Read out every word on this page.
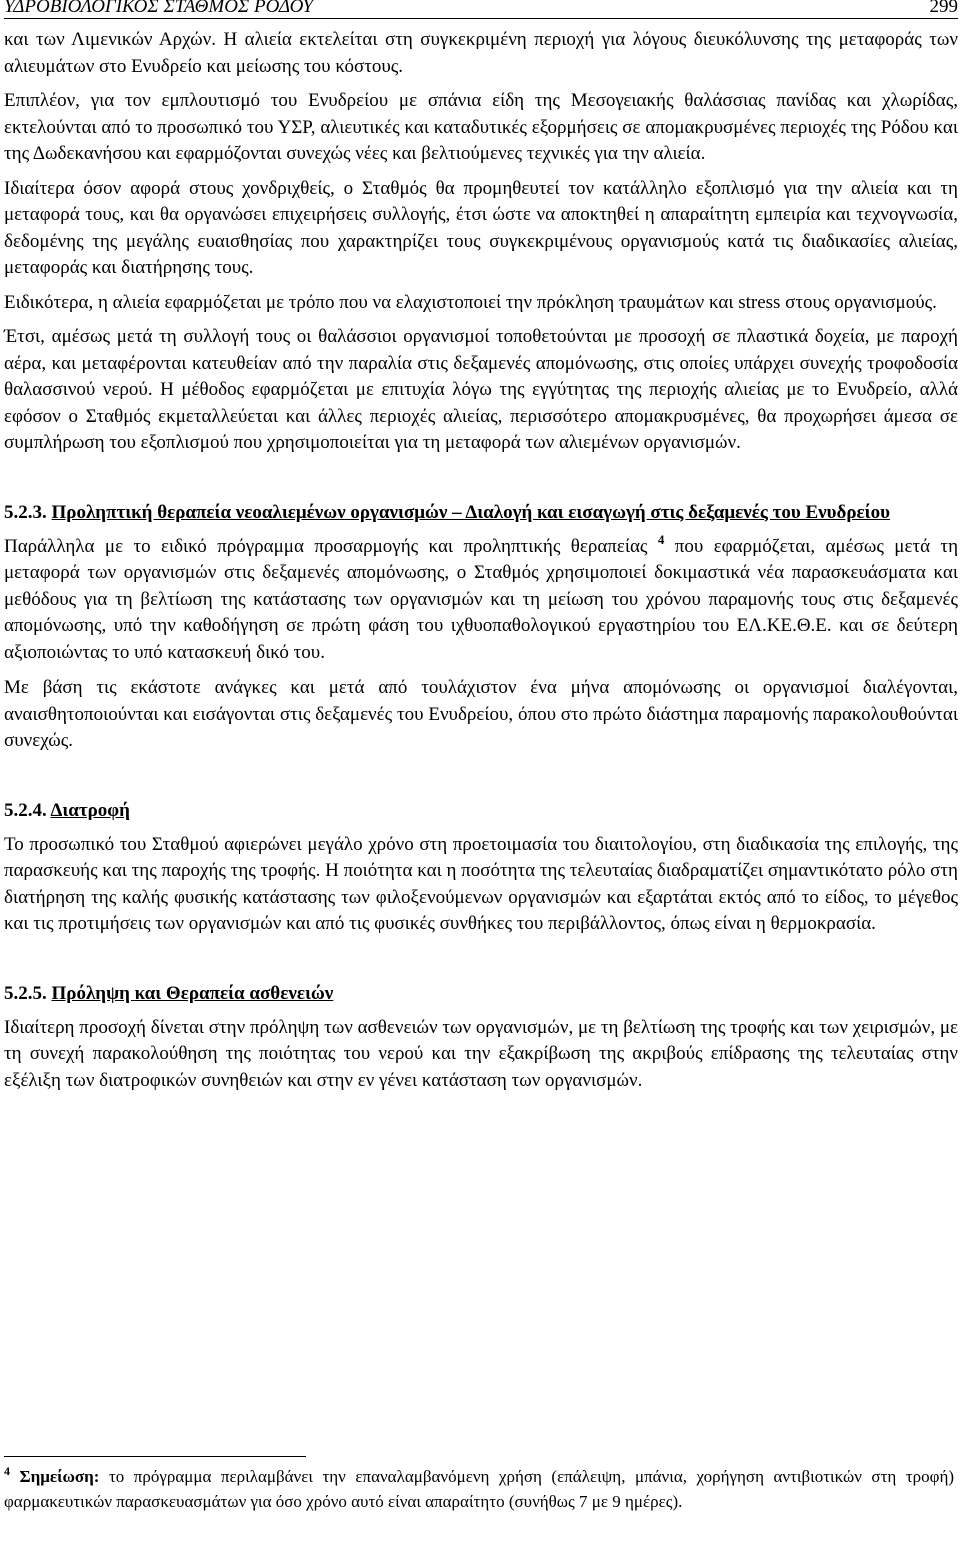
ΥΔΡΟΒΙΟΛΟΓΙΚΟΣ ΣΤΑΘΜΟΣ ΡΟΔΟΥ	299

και των Λιμενικών Αρχών. Η αλιεία εκτελείται στη συγκεκριμένη περιοχή για λόγους διευκόλυνσης της μεταφοράς των αλιευμάτων στο Ενυδρείο και μείωσης του κόστους.

Επιπλέον, για τον εμπλουτισμό του Ενυδρείου με σπάνια είδη της Μεσογειακής θαλάσσιας πανίδας και χλωρίδας, εκτελούνται από το προσωπικό του ΥΣΡ, αλιευτικές και καταδυτικές εξορμήσεις σε απομακρυσμένες περιοχές της Ρόδου και της Δωδεκανήσου και εφαρμόζονται συνεχώς νέες και βελτιούμενες τεχνικές για την αλιεία.

Ιδιαίτερα όσον αφορά στους χονδριχθείς, ο Σταθμός θα προμηθευτεί τον κατάλληλο εξοπλισμό για την αλιεία και τη μεταφορά τους, και θα οργανώσει επιχειρήσεις συλλογής, έτσι ώστε να αποκτηθεί η απαραίτητη εμπειρία και τεχνογνωσία, δεδομένης της μεγάλης ευαισθησίας που χαρακτηρίζει τους συγκεκριμένους οργανισμούς κατά τις διαδικασίες αλιείας, μεταφοράς και διατήρησης τους.

Ειδικότερα, η αλιεία εφαρμόζεται με τρόπο που να ελαχιστοποιεί την πρόκληση τραυμάτων και stress στους οργανισμούς.

Έτσι, αμέσως μετά τη συλλογή τους οι θαλάσσιοι οργανισμοί τοποθετούνται με προσοχή σε πλαστικά δοχεία, με παροχή αέρα, και μεταφέρονται κατευθείαν από την παραλία στις δεξαμενές απομόνωσης, στις οποίες υπάρχει συνεχής τροφοδοσία θαλασσινού νερού. Η μέθοδος εφαρμόζεται με επιτυχία λόγω της εγγύτητας της περιοχής αλιείας με το Ενυδρείο, αλλά εφόσον ο Σταθμός εκμεταλλεύεται και άλλες περιοχές αλιείας, περισσότερο απομακρυσμένες, θα προχωρήσει άμεσα σε συμπλήρωση του εξοπλισμού που χρησιμοποιείται για τη μεταφορά των αλιεμένων οργανισμών.

5.2.3. Προληπτική θεραπεία νεοαλιεμένων οργανισμών – Διαλογή και εισαγωγή στις δεξαμενές του Ενυδρείου

Παράλληλα με το ειδικό πρόγραμμα προσαρμογής και προληπτικής θεραπείας $^4$ που εφαρμόζεται, αμέσως μετά τη μεταφορά των οργανισμών στις δεξαμενές απομόνωσης, ο Σταθμός χρησιμοποιεί δοκιμαστικά νέα παρασκευάσματα και μεθόδους για τη βελτίωση της κατάστασης των οργανισμών και τη μείωση του χρόνου παραμονής τους στις δεξαμενές απομόνωσης, υπό την καθοδήγηση σε πρώτη φάση του ιχθυοπαθολογικού εργαστηρίου του ΕΛ.ΚΕ.Θ.Ε. και σε δεύτερη αξιοποιώντας το υπό κατασκευή δικό του.

Με βάση τις εκάστοτε ανάγκες και μετά από τουλάχιστον ένα μήνα απομόνωσης οι οργανισμοί διαλέγονται, αναισθητοποιούνται και εισάγονται στις δεξαμενές του Ενυδρείου, όπου στο πρώτο διάστημα παραμονής παρακολουθούνται συνεχώς.

5.2.4. Διατροφή

Το προσωπικό του Σταθμού αφιερώνει μεγάλο χρόνο στη προετοιμασία του διαιτολογίου, στη διαδικασία της επιλογής, της παρασκευής και της παροχής της τροφής. Η ποιότητα και η ποσότητα της τελευταίας διαδραματίζει σημαντικότατο ρόλο στη διατήρηση της καλής φυσικής κατάστασης των φιλοξενούμενων οργανισμών και εξαρτάται εκτός από το είδος, το μέγεθος και τις προτιμήσεις των οργανισμών και από τις φυσικές συνθήκες του περιβάλλοντος, όπως είναι η θερμοκρασία.

5.2.5. Πρόληψη και Θεραπεία ασθενειών

Ιδιαίτερη προσοχή δίνεται στην πρόληψη των ασθενειών των οργανισμών, με τη βελτίωση της τροφής και των χειρισμών, με τη συνεχή παρακολούθηση της ποιότητας του νερού και την εξακρίβωση της ακριβούς επίδρασης της τελευταίας στην εξέλιξη των διατροφικών συνηθειών και στην εν γένει κατάσταση των οργανισμών.

$^4$ Σημείωση: το πρόγραμμα περιλαμβάνει την επαναλαμβανόμενη χρήση (επάλειψη, μπάνια, χορήγηση αντιβιοτικών στη τροφή) φαρμακευτικών παρασκευασμάτων για όσο χρόνο αυτό είναι απαραίτητο (συνήθως 7 με 9 ημέρες).
